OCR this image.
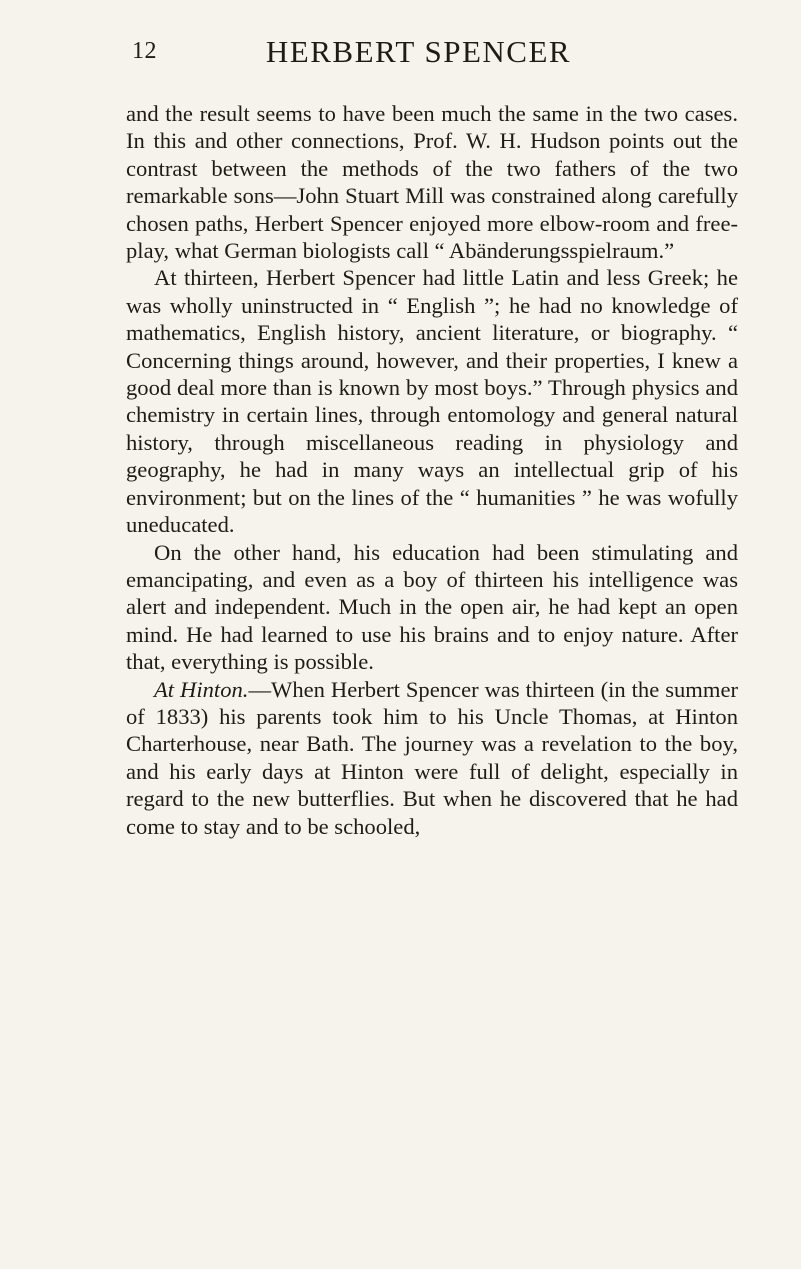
12	HERBERT SPENCER

and the result seems to have been much the same in the two cases. In this and other connections, Prof. W. H. Hudson points out the contrast between the methods of the two fathers of the two remarkable sons—John Stuart Mill was constrained along carefully chosen paths, Herbert Spencer enjoyed more elbow-room and free-play, what German biologists call “ Abänderungsspielraum.”

At thirteen, Herbert Spencer had little Latin and less Greek; he was wholly uninstructed in “ English ”; he had no knowledge of mathematics, English history, ancient literature, or biography. “ Concerning things around, however, and their properties, I knew a good deal more than is known by most boys.” Through physics and chemistry in certain lines, through entomology and general natural history, through miscellaneous reading in physiology and geography, he had in many ways an intellectual grip of his environment; but on the lines of the “ humanities ” he was wofully uneducated.

On the other hand, his education had been stimulating and emancipating, and even as a boy of thirteen his intelligence was alert and independent. Much in the open air, he had kept an open mind. He had learned to use his brains and to enjoy nature. After that, everything is possible.

At Hinton.—When Herbert Spencer was thirteen (in the summer of 1833) his parents took him to his Uncle Thomas, at Hinton Charterhouse, near Bath. The journey was a revelation to the boy, and his early days at Hinton were full of delight, especially in regard to the new butterflies. But when he discovered that he had come to stay and to be schooled,
